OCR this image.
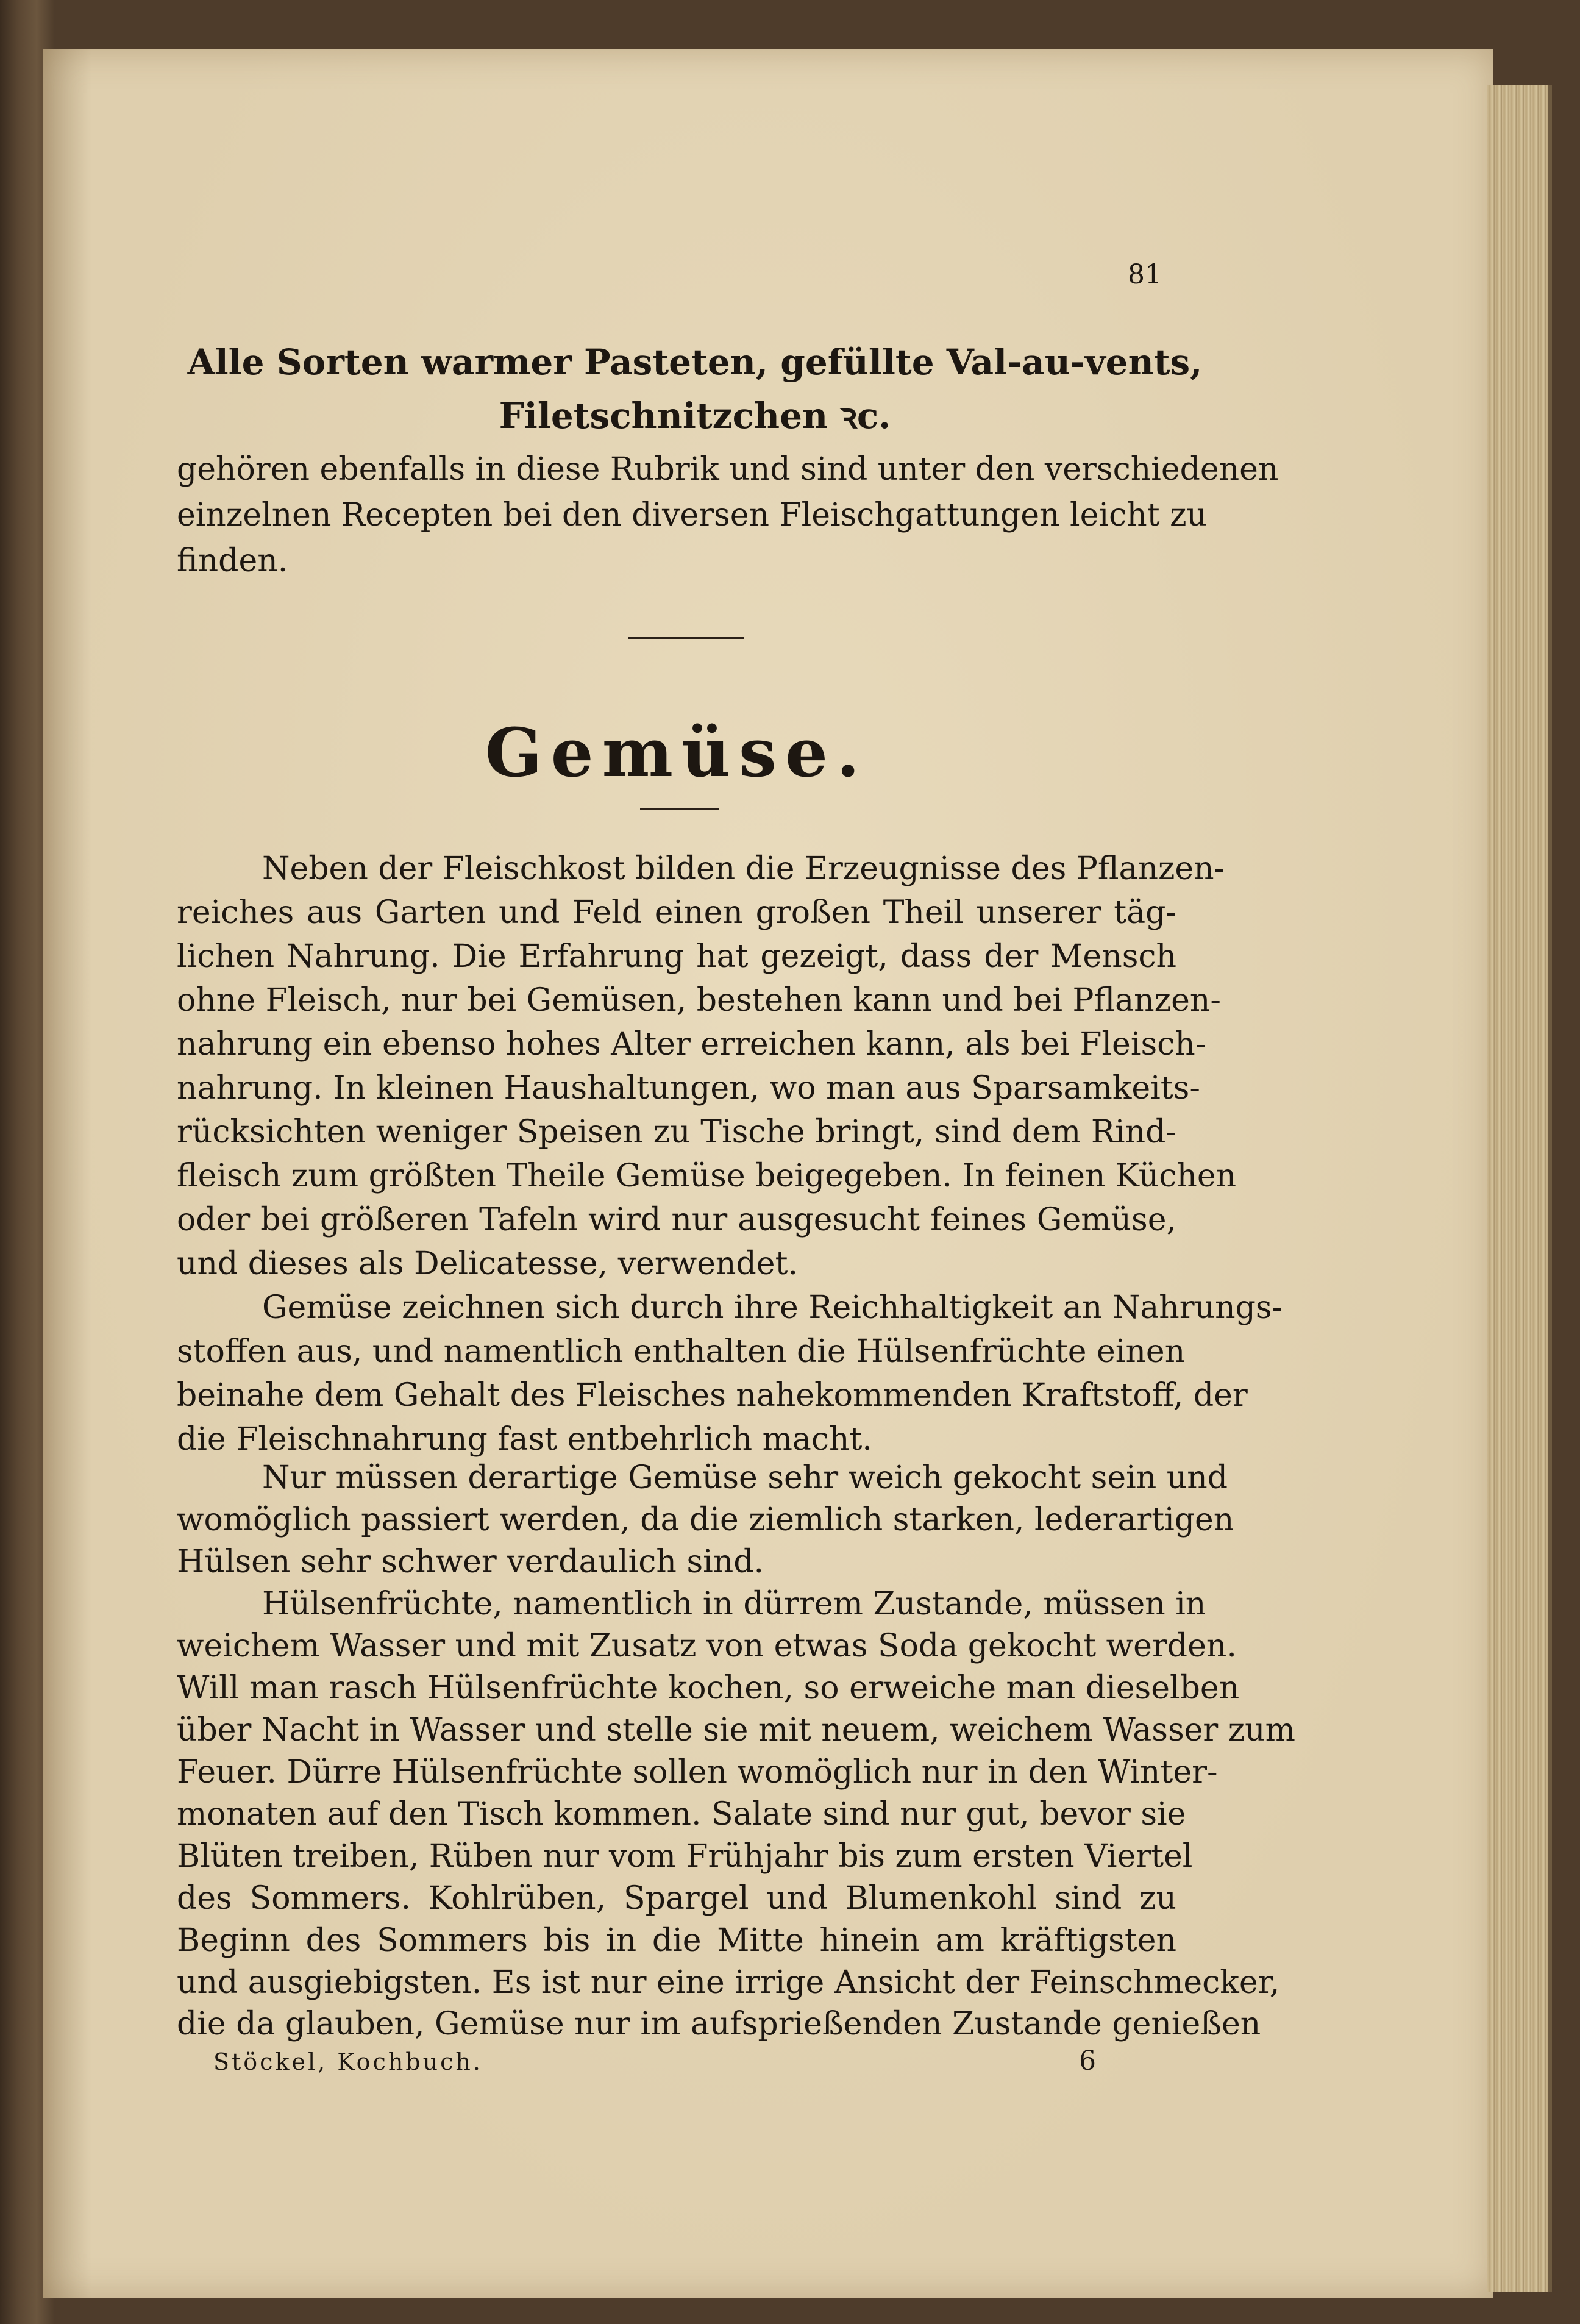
81
Alle Sorten warmer Pasteten, gefüllte Val-au-vents,
Filetschnitzchen ꝛc.
gehören ebenfalls in diese Rubrik und sind unter den verschiedenen
einzelnen Recepten bei den diversen Fleischgattungen leicht zu
finden.
Gemüse.
Neben der Fleischkost bilden die Erzeugnisse des Pflanzen-
reiches aus Garten und Feld einen großen Theil unserer täg-
lichen Nahrung. Die Erfahrung hat gezeigt, dass der Mensch
ohne Fleisch, nur bei Gemüsen, bestehen kann und bei Pflanzen-
nahrung ein ebenso hohes Alter erreichen kann, als bei Fleisch-
nahrung. In kleinen Haushaltungen, wo man aus Sparsamkeits-
rücksichten weniger Speisen zu Tische bringt, sind dem Rind-
fleisch zum größten Theile Gemüse beigegeben. In feinen Küchen
oder bei größeren Tafeln wird nur ausgesucht feines Gemüse,
und dieses als Delicatesse, verwendet.
Gemüse zeichnen sich durch ihre Reichhaltigkeit an Nahrungs-
stoffen aus, und namentlich enthalten die Hülsenfrüchte einen
beinahe dem Gehalt des Fleisches nahekommenden Kraftstoff, der
die Fleischnahrung fast entbehrlich macht.
Nur müssen derartige Gemüse sehr weich gekocht sein und
womöglich passiert werden, da die ziemlich starken, lederartigen
Hülsen sehr schwer verdaulich sind.
Hülsenfrüchte, namentlich in dürrem Zustande, müssen in
weichem Wasser und mit Zusatz von etwas Soda gekocht werden.
Will man rasch Hülsenfrüchte kochen, so erweiche man dieselben
über Nacht in Wasser und stelle sie mit neuem, weichem Wasser zum
Feuer. Dürre Hülsenfrüchte sollen womöglich nur in den Winter-
monaten auf den Tisch kommen. Salate sind nur gut, bevor sie
Blüten treiben, Rüben nur vom Frühjahr bis zum ersten Viertel
des Sommers. Kohlrüben, Spargel und Blumenkohl sind zu
Beginn des Sommers bis in die Mitte hinein am kräftigsten
und ausgiebigsten. Es ist nur eine irrige Ansicht der Feinschmecker,
Stöckel, Kochbuch.	6
die da glauben, Gemüse nur im aufsprießenden Zustande genießen
